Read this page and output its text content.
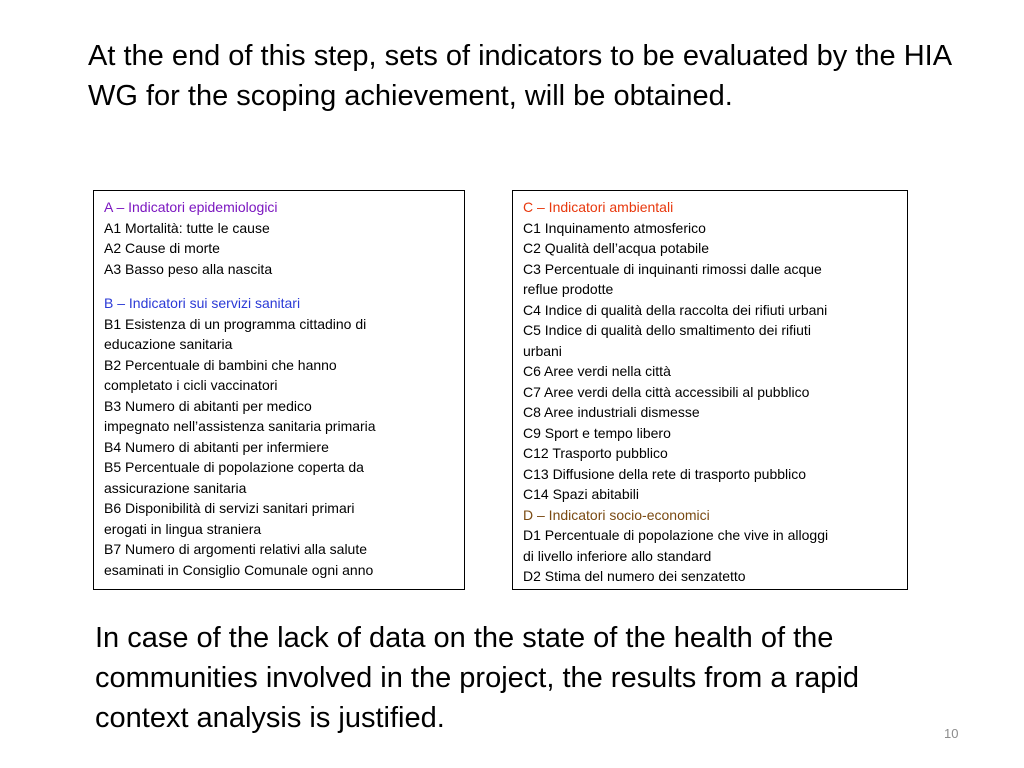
At the end of this step, sets of indicators to be evaluated by the HIA WG for the scoping achievement, will be obtained.

A – Indicatori epidemiologici
A1 Mortalità: tutte le cause
A2 Cause di morte
A3 Basso peso alla nascita
B – Indicatori sui servizi sanitari
B1 Esistenza di un programma cittadino di
educazione sanitaria
B2 Percentuale di bambini che hanno
completato i cicli vaccinatori
B3 Numero di abitanti per medico
impegnato nell’assistenza sanitaria primaria
B4 Numero di abitanti per infermiere
B5 Percentuale di popolazione coperta da
assicurazione sanitaria
B6 Disponibilità di servizi sanitari primari
erogati in lingua straniera
B7 Numero di argomenti relativi alla salute
esaminati in Consiglio Comunale ogni anno
C – Indicatori ambientali
C1 Inquinamento atmosferico
C2 Qualità dell’acqua potabile
C3 Percentuale di inquinanti rimossi dalle acque
reflue prodotte
C4 Indice di qualità della raccolta dei rifiuti urbani
C5 Indice di qualità dello smaltimento dei rifiuti
urbani
C6 Aree verdi nella città
C7 Aree verdi della città accessibili al pubblico
C8 Aree industriali dismesse
C9 Sport e tempo libero
C12 Trasporto pubblico
C13 Diffusione della rete di trasporto pubblico
C14 Spazi abitabili
D – Indicatori socio-economici
D1 Percentuale di popolazione che vive in alloggi
di livello inferiore allo standard
D2 Stima del numero dei senzatetto

In case of the lack of data on the state of the health of the communities involved in the project, the results from a rapid context analysis is justified.	10
